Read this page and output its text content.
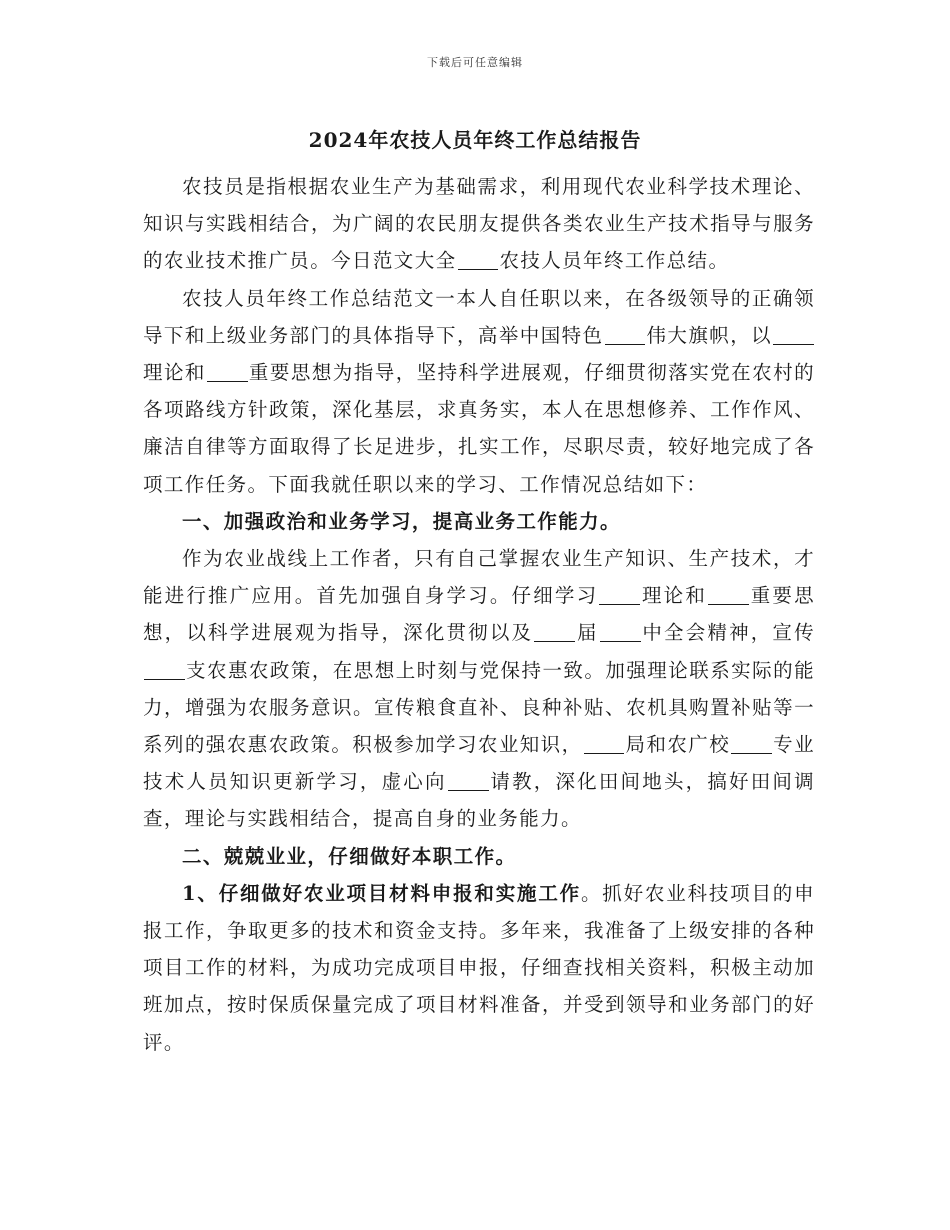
下载后可任意编辑
2024年农技人员年终工作总结报告

农技员是指根据农业生产为基础需求，利用现代农业科学技术理论、知识与实践相结合，为广阔的农民朋友提供各类农业生产技术指导与服务的农业技术推广员。今日范文大全 农技人员年终工作总结。

农技人员年终工作总结范文一本人自任职以来，在各级领导的正确领导下和上级业务部门的具体指导下，高举中国特色 伟大旗帜，以理论和 重要思想为指导，坚持科学进展观，仔细贯彻落实党在农村的各项路线方针政策，深化基层，求真务实，本人在思想修养、工作作风、廉洁自律等方面取得了长足进步，扎实工作，尽职尽责，较好地完成了各项工作任务。下面我就任职以来的学习、工作情况总结如下：

一、加强政治和业务学习，提高业务工作能力。

作为农业战线上工作者，只有自己掌握农业生产知识、生产技术，才能进行推广应用。首先加强自身学习。仔细学习 理论和 重要思想，以科学进展观为指导，深化贯彻以及 届 中全会精神，宣传支农惠农政策，在思想上时刻与党保持一致。加强理论联系实际的能力，增强为农服务意识。宣传粮食直补、良种补贴、农机具购置补贴等一系列的强农惠农政策。积极参加学习农业知识， 局和农广校 专业技术人员知识更新学习，虚心向 请教，深化田间地头，搞好田间调查，理论与实践相结合，提高自身的业务能力。

二、兢兢业业，仔细做好本职工作。

1、仔细做好农业项目材料申报和实施工作。抓好农业科技项目的申报工作，争取更多的技术和资金支持。多年来，我准备了上级安排的各种项目工作的材料，为成功完成项目申报，仔细查找相关资料，积极主动加班加点，按时保质保量完成了项目材料准备，并受到领导和业务部门的好评。
